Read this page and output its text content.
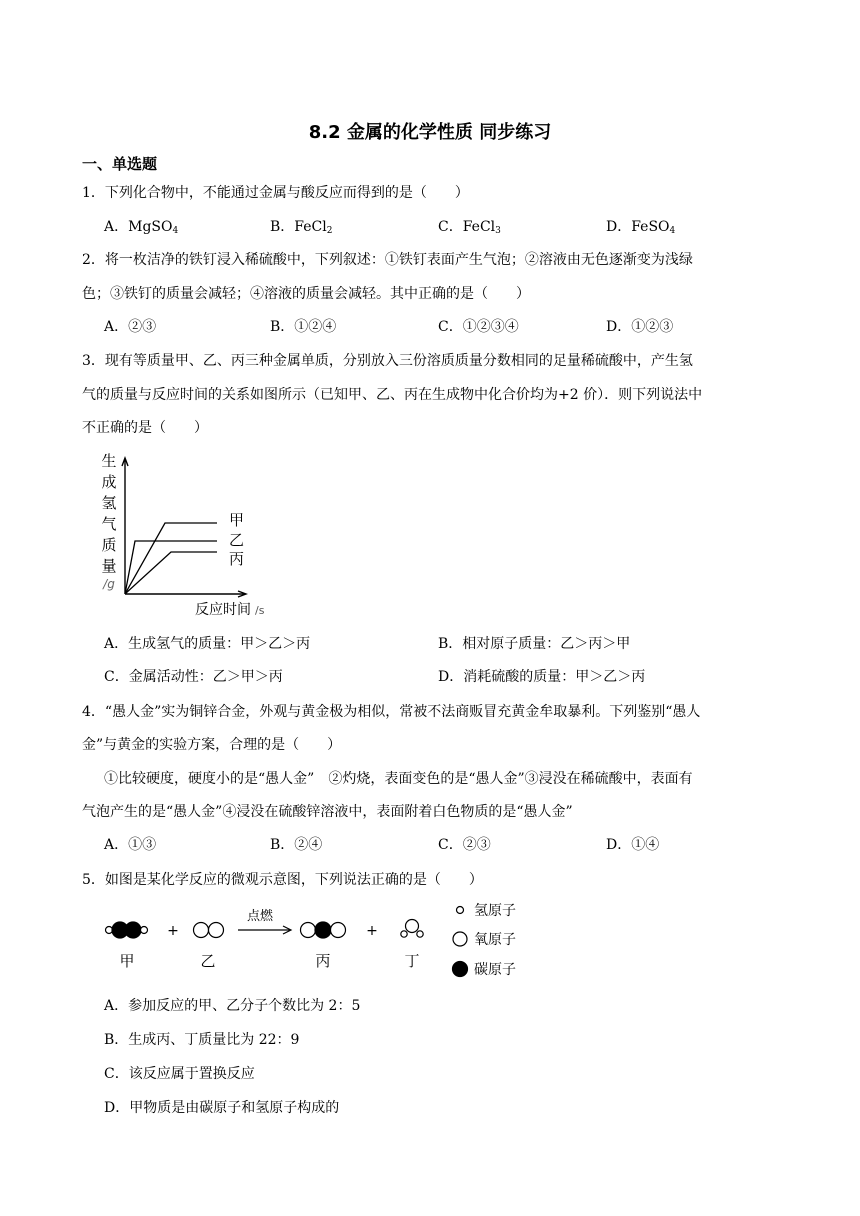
8.2 金属的化学性质 同步练习
一、单选题
1．下列化合物中，不能通过金属与酸反应而得到的是（　　）
A．MgSO$_4$	B．FeCl$_2$	C．FeCl$_3$	D．FeSO$_4$
2．将一枚洁净的铁钉浸入稀硫酸中，下列叙述：①铁钉表面产生气泡；②溶液由无色逐渐变为浅绿
色；③铁钉的质量会减轻；④溶液的质量会减轻。其中正确的是（　　）
A．②③	B．①②④	C．①②③④	D．①②③
3．现有等质量甲、乙、丙三种金属单质，分别放入三份溶质质量分数相同的足量稀硫酸中，产生氢
气的质量与反应时间的关系如图所示（已知甲、乙、丙在生成物中化合价均为+2 价）．则下列说法中
不正确的是（　　）
生
成
氢
气
质
量
/g
甲
乙
丙
反应时间 /s
A．生成氢气的质量：甲＞乙＞丙	B．相对原子质量：乙＞丙＞甲
C．金属活动性：乙＞甲＞丙	D．消耗硫酸的质量：甲＞乙＞丙
4．“愚人金”实为铜锌合金，外观与黄金极为相似，常被不法商贩冒充黄金牟取暴利。下列鉴别“愚人
金”与黄金的实验方案，合理的是（　　）
①比较硬度，硬度小的是“愚人金”　②灼烧，表面变色的是“愚人金”③浸没在稀硫酸中，表面有
气泡产生的是“愚人金”④浸没在硫酸锌溶液中，表面附着白色物质的是“愚人金”
A．①③	B．②④	C．②③	D．①④
5．如图是某化学反应的微观示意图，下列说法正确的是（　　）
+
点燃
+
甲	乙	丙	丁
氢原子
氧原子
碳原子
A．参加反应的甲、乙分子个数比为 2：5
B．生成丙、丁质量比为 22：9
C．该反应属于置换反应
D．甲物质是由碳原子和氢原子构成的
